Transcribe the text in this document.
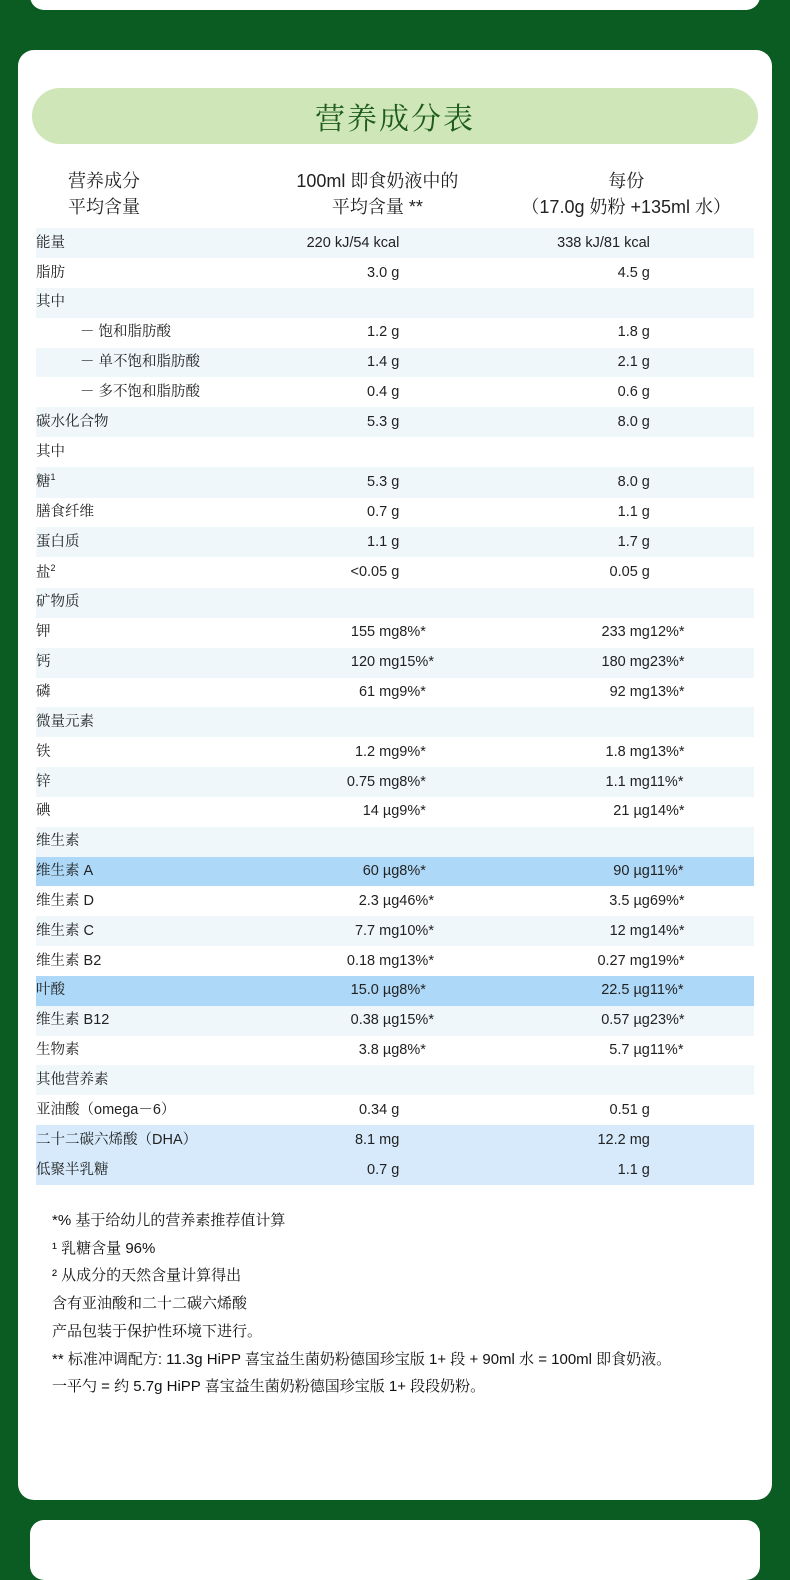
营养成分表
营养成分
平均含量
100ml 即食奶液中的
平均含量 **
每份
（17.0g 奶粉 +135ml 水）
能量	220 kJ/54 kcal		338 kJ/81 kcal	
脂肪	3.0 g		4.5 g	
其中				
－ 饱和脂肪酸	1.2 g		1.8 g	
－ 单不饱和脂肪酸	1.4 g		2.1 g	
－ 多不饱和脂肪酸	0.4 g		0.6 g	
碳水化合物	5.3 g		8.0 g	
其中				
糖$^1$	5.3 g		8.0 g	
膳食纤维	0.7 g		1.1 g	
蛋白质	1.1 g		1.7 g	
盐$^2$	<0.05 g		0.05 g	
矿物质				
钾	155 mg	8%*	233 mg	12%*
钙	120 mg	15%*	180 mg	23%*
磷	61 mg	9%*	92 mg	13%*
微量元素				
铁	1.2 mg	9%*	1.8 mg	13%*
锌	0.75 mg	8%*	1.1 mg	11%*
碘	14 µg	9%*	21 µg	14%*
维生素				
维生素 A	60 µg	8%*	90 µg	11%*
维生素 D	2.3 µg	46%*	3.5 µg	69%*
维生素 C	7.7 mg	10%*	12 mg	14%*
维生素 B2	0.18 mg	13%*	0.27 mg	19%*
叶酸	15.0 µg	8%*	22.5 µg	11%*
维生素 B12	0.38 µg	15%*	0.57 µg	23%*
生物素	3.8 µg	8%*	5.7 µg	11%*
其他营养素				
亚油酸（omega－6）	0.34 g		0.51 g	
二十二碳六烯酸（DHA）	8.1 mg		12.2 mg	
低聚半乳糖	0.7 g		1.1 g	
*% 基于给幼儿的营养素推荐值计算
¹ 乳糖含量 96%
² 从成分的天然含量计算得出
含有亚油酸和二十二碳六烯酸
产品包装于保护性环境下进行。
** 标准冲调配方: 11.3g HiPP 喜宝益生菌奶粉德国珍宝版 1+ 段 + 90ml 水 = 100ml 即食奶液。
一平勺 = 约 5.7g HiPP 喜宝益生菌奶粉德国珍宝版 1+ 段段奶粉。
